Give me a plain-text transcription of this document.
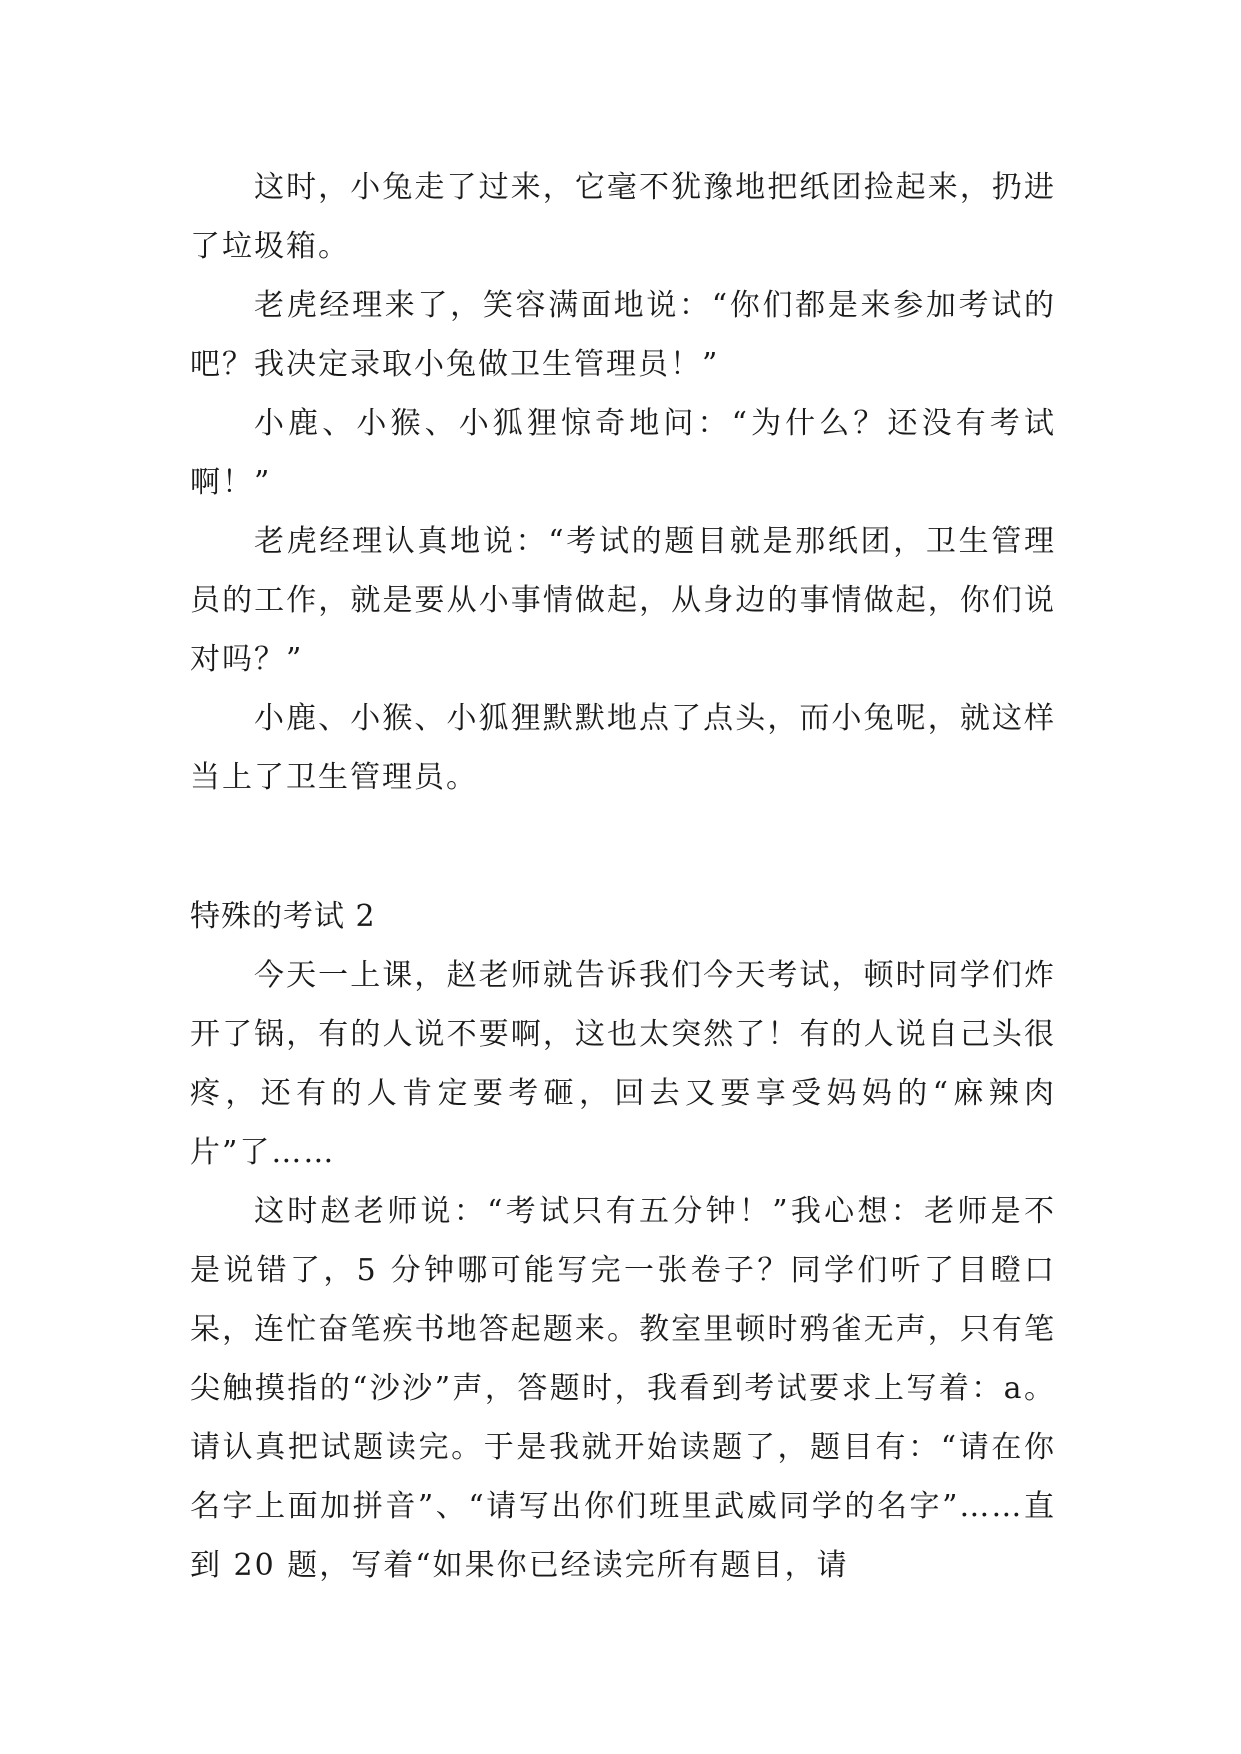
这时，小兔走了过来，它毫不犹豫地把纸团捡起来，扔进了垃圾箱。

老虎经理来了，笑容满面地说：“你们都是来参加考试的吧？我决定录取小兔做卫生管理员！”

小鹿、小猴、小狐狸惊奇地问：“为什么？还没有考试啊！”

老虎经理认真地说：“考试的题目就是那纸团，卫生管理员的工作，就是要从小事情做起，从身边的事情做起，你们说对吗？”

小鹿、小猴、小狐狸默默地点了点头，而小兔呢，就这样当上了卫生管理员。

特殊的考试 2

今天一上课，赵老师就告诉我们今天考试，顿时同学们炸开了锅，有的人说不要啊，这也太突然了！有的人说自己头很疼，还有的人肯定要考砸，回去又要享受妈妈的“麻辣肉片”了……

这时赵老师说：“考试只有五分钟！”我心想：老师是不是说错了，5 分钟哪可能写完一张卷子？同学们听了目瞪口呆，连忙奋笔疾书地答起题来。教室里顿时鸦雀无声，只有笔尖触摸指的“沙沙”声，答题时，我看到考试要求上写着：a。请认真把试题读完。于是我就开始读题了，题目有：“请在你名字上面加拼音”、“请写出你们班里武威同学的名字”……直到 20 题，写着“如果你已经读完所有题目，请
